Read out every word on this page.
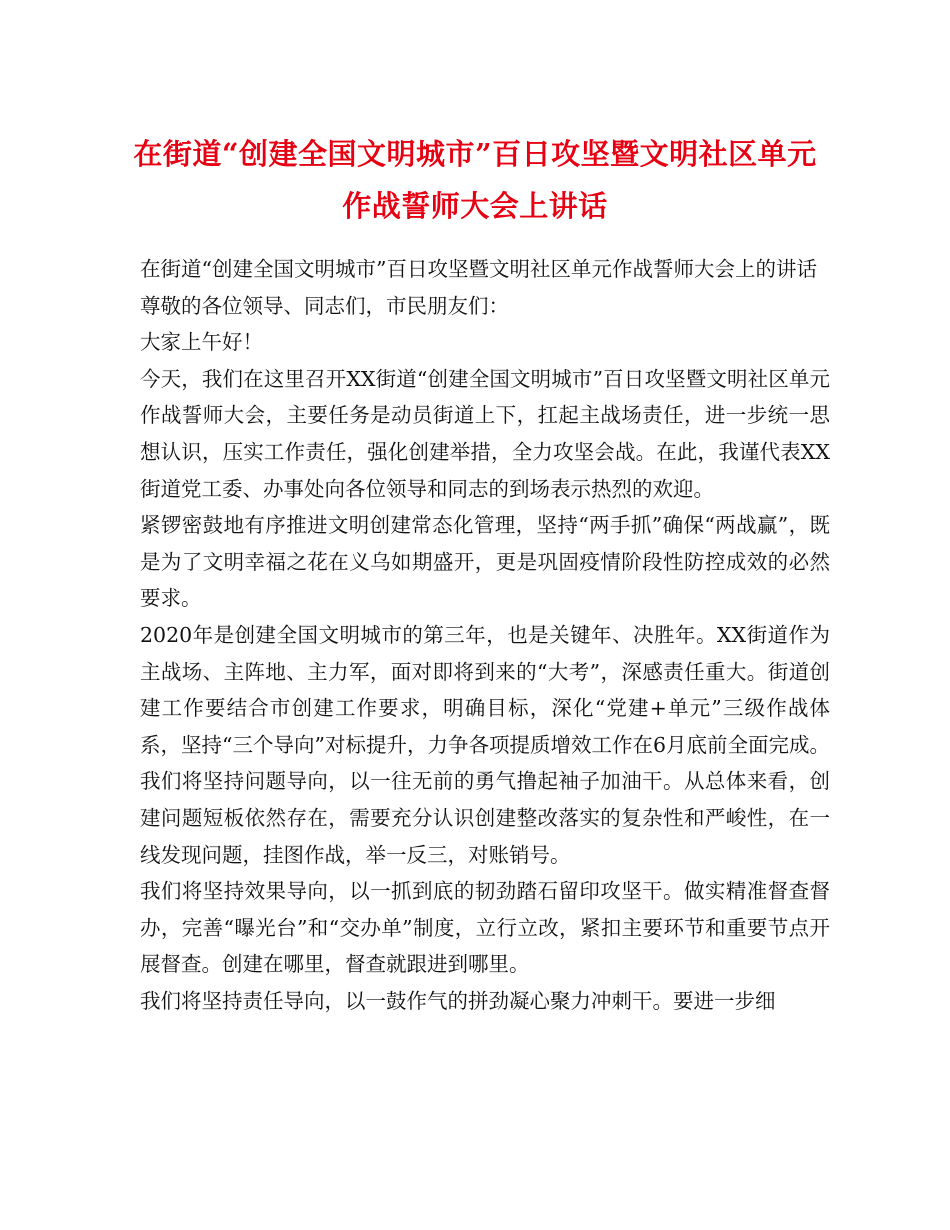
在街道“创建全国文明城市”百日攻坚暨文明社区单元
作战誓师大会上讲话

在街道“创建全国文明城市”百日攻坚暨文明社区单元作战誓师大会上的讲话

尊敬的各位领导、同志们，市民朋友们：

大家上午好！

今天，我们在这里召开XX街道“创建全国文明城市”百日攻坚暨文明社区单元作战誓师大会，主要任务是动员街道上下，扛起主战场责任，进一步统一思想认识，压实工作责任，强化创建举措，全力攻坚会战。在此，我谨代表XX街道党工委、办事处向各位领导和同志的到场表示热烈的欢迎。

紧锣密鼓地有序推进文明创建常态化管理，坚持“两手抓”确保“两战赢”，既是为了文明幸福之花在义乌如期盛开，更是巩固疫情阶段性防控成效的必然要求。

2020年是创建全国文明城市的第三年，也是关键年、决胜年。XX街道作为主战场、主阵地、主力军，面对即将到来的“大考”，深感责任重大。街道创建工作要结合市创建工作要求，明确目标，深化“党建+单元”三级作战体系，坚持“三个导向”对标提升，力争各项提质增效工作在6月底前全面完成。

我们将坚持问题导向，以一往无前的勇气撸起袖子加油干。从总体来看，创建问题短板依然存在，需要充分认识创建整改落实的复杂性和严峻性，在一线发现问题，挂图作战，举一反三，对账销号。

我们将坚持效果导向，以一抓到底的韧劲踏石留印攻坚干。做实精准督查督办，完善“曝光台”和“交办单”制度，立行立改，紧扣主要环节和重要节点开展督查。创建在哪里，督查就跟进到哪里。

我们将坚持责任导向，以一鼓作气的拼劲凝心聚力冲刺干。要进一步细
